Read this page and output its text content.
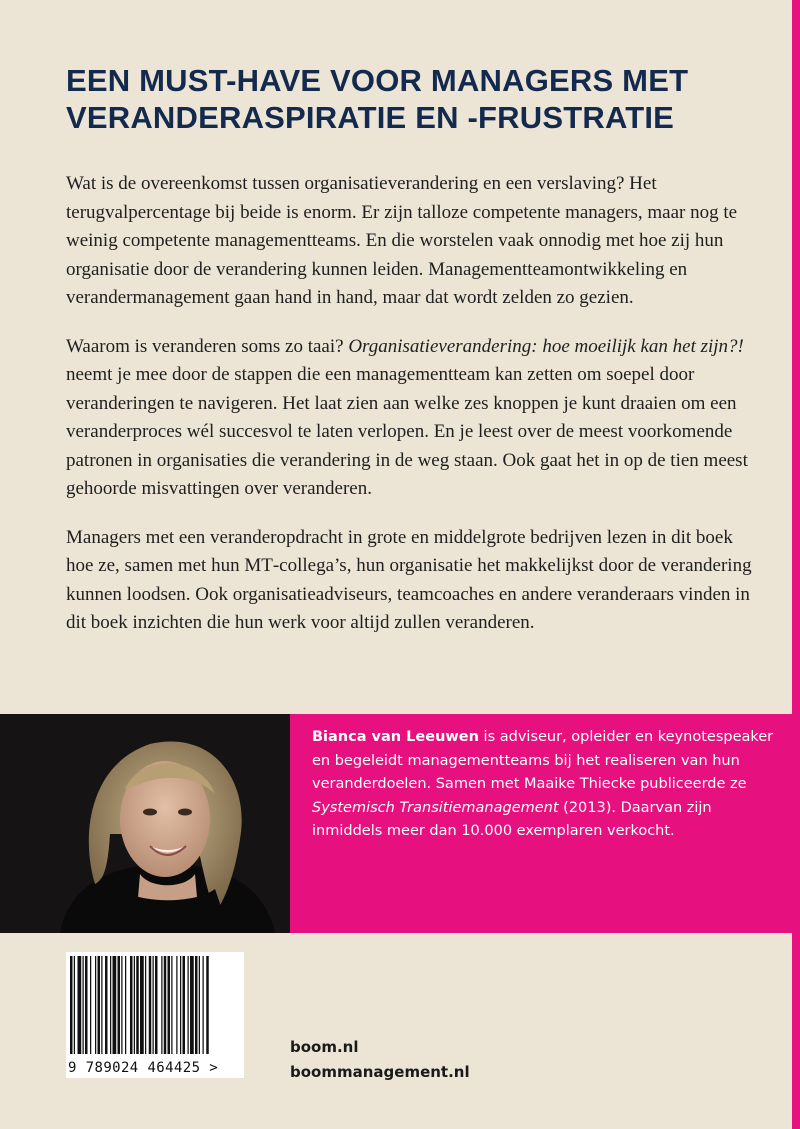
EEN MUST-HAVE VOOR MANAGERS MET
VERANDERASPIRATIE EN -FRUSTRATIE

Wat is de overeenkomst tussen organisatieverandering en een verslaving? Het terugvalpercentage bij beide is enorm. Er zijn talloze competente managers, maar nog te weinig competente managementteams. En die worstelen vaak onnodig met hoe zij hun organisatie door de verandering kunnen leiden. Managementteamontwikkeling en verandermanagement gaan hand in hand, maar dat wordt zelden zo gezien.

Waarom is veranderen soms zo taai? Organisatieverandering: hoe moeilijk kan het zijn?! neemt je mee door de stappen die een managementteam kan zetten om soepel door veranderingen te navigeren. Het laat zien aan welke zes knoppen je kunt draaien om een veranderproces wél succesvol te laten verlopen. En je leest over de meest voorkomende patronen in organisaties die verandering in de weg staan. Ook gaat het in op de tien meest gehoorde misvattingen over veranderen.

Managers met een veranderopdracht in grote en middelgrote bedrijven lezen in dit boek hoe ze, samen met hun MT-collega’s, hun organisatie het makkelijkst door de verandering kunnen loodsen. Ook organisatieadviseurs, teamcoaches en andere veranderaars vinden in dit boek inzichten die hun werk voor altijd zullen veranderen.

Bianca van Leeuwen is adviseur, opleider en keynotespeaker en begeleidt managementteams bij het realiseren van hun veranderdoelen. Samen met Maaike Thiecke publiceerde ze Systemisch Transitiemanagement (2013). Daarvan zijn inmiddels meer dan 10.000 exemplaren verkocht.
9 789024 464425 >
boom.nl
boommanagement.nl
